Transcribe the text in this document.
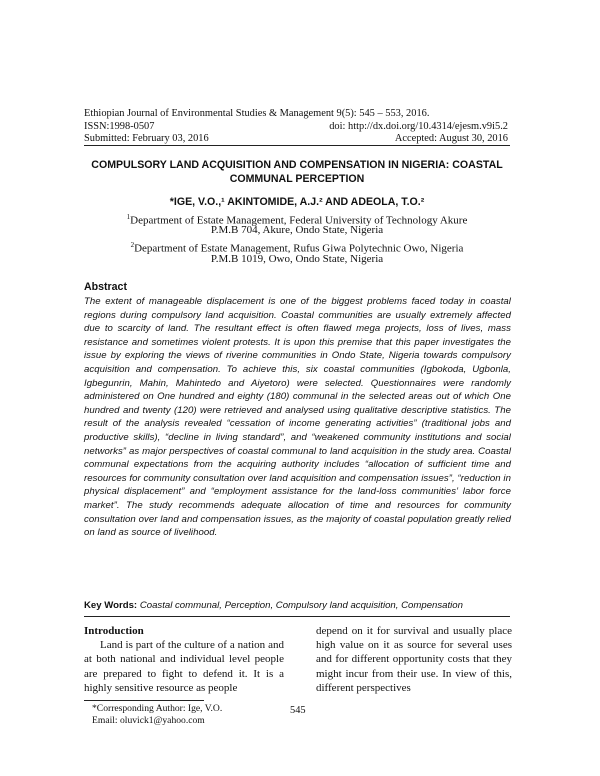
Ethiopian Journal of Environmental Studies & Management 9(5): 545 – 553, 2016.
ISSN:1998-0507	doi: http://dx.doi.org/10.4314/ejesm.v9i5.2
Submitted: February 03, 2016	Accepted: August 30, 2016
COMPULSORY LAND ACQUISITION AND COMPENSATION IN NIGERIA: COASTAL
COMMUNAL PERCEPTION
*IGE, V.O.,¹ AKINTOMIDE, A.J.² AND ADEOLA, T.O.²
$^1$Department of Estate Management, Federal University of Technology Akure
P.M.B 704, Akure, Ondo State, Nigeria
$^2$Department of Estate Management, Rufus Giwa Polytechnic Owo, Nigeria
P.M.B 1019, Owo, Ondo State, Nigeria
Abstract
The extent of manageable displacement is one of the biggest problems faced today in coastal regions during compulsory land acquisition. Coastal communities are usually extremely affected due to scarcity of land. The resultant effect is often flawed mega projects, loss of lives, mass resistance and sometimes violent protests. It is upon this premise that this paper investigates the issue by exploring the views of riverine communities in Ondo State, Nigeria towards compulsory acquisition and compensation. To achieve this, six coastal communities (Igbokoda, Ugbonla, Igbegunrin, Mahin, Mahintedo and Aiyetoro) were selected. Questionnaires were randomly administered on One hundred and eighty (180) communal in the selected areas out of which One hundred and twenty (120) were retrieved and analysed using qualitative descriptive statistics. The result of the analysis revealed “cessation of income generating activities” (traditional jobs and productive skills), “decline in living standard”, and “weakened community institutions and social networks” as major perspectives of coastal communal to land acquisition in the study area. Coastal communal expectations from the acquiring authority includes “allocation of sufficient time and resources for community consultation over land acquisition and compensation issues”, “reduction in physical displacement” and “employment assistance for the land-loss communities’ labor force market”. The study recommends adequate allocation of time and resources for community consultation over land and compensation issues, as the majority of coastal population greatly relied on land as source of livelihood.
Key Words: Coastal communal, Perception, Compulsory land acquisition, Compensation
Introduction
Land is part of the culture of a nation and at both national and individual level people are prepared to fight to defend it. It is a highly sensitive resource as people
depend on it for survival and usually place high value on it as source for several uses and for different opportunity costs that they might incur from their use. In view of this, different perspectives
*Corresponding Author: Ige, V.O.
Email: oluvick1@yahoo.com
545
